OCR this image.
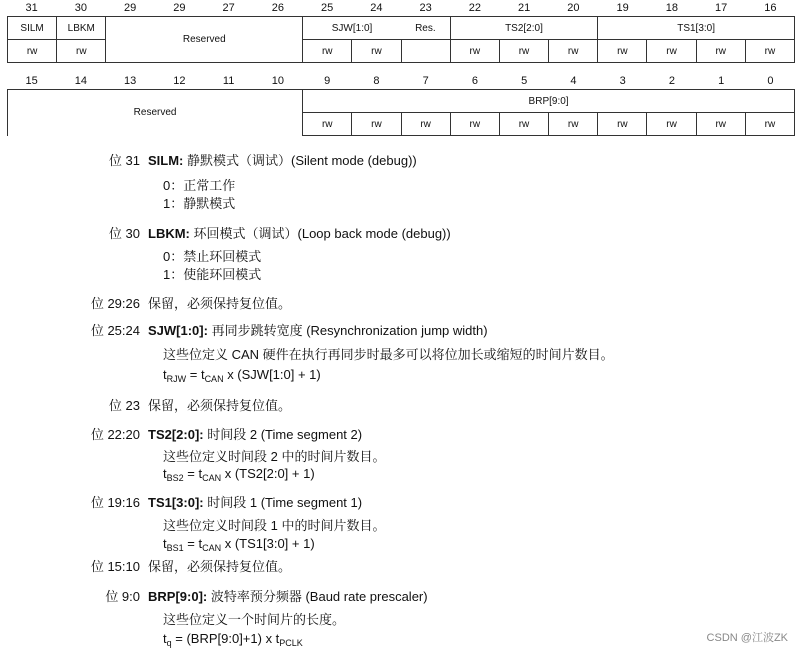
31	30	29	29	27	26	25	24	23	22	21	20	19	18	17	16
SILM	LBKM	Reserved	SJW[1:0]		Res.	TS2[2:0]			TS1[3:0]			
rw	rw		rw	rw		rw	rw	rw	rw	rw	rw	rw
15	14	13	12	11	10	9	8	7	6	5	4	3	2	1	0
Reserved	BRP[9:0]									
	rw	rw	rw	rw	rw	rw	rw	rw	rw	rw
位 31 SILM: 静默模式（调试）(Silent mode (debug))
0：正常工作
1：静默模式
位 30 LBKM: 环回模式（调试）(Loop back mode (debug))
0：禁止环回模式
1：使能环回模式
位 29:26 保留，必须保持复位值。
位 25:24 SJW[1:0]: 再同步跳转宽度 (Resynchronization jump width)
这些位定义 CAN 硬件在执行再同步时最多可以将位加长或缩短的时间片数目。
位 23 保留，必须保持复位值。
位 22:20 TS2[2:0]: 时间段 2 (Time segment 2)
这些位定义时间段 2 中的时间片数目。
位 19:16 TS1[3:0]: 时间段 1 (Time segment 1)
这些位定义时间段 1 中的时间片数目。
位 15:10 保留，必须保持复位值。
位 9:0 BRP[9:0]: 波特率预分频器 (Baud rate prescaler)
这些位定义一个时间片的长度。
$t_{RJW} = t_{CAN}$ x (SJW[1:0] + 1)
$t_{BS2} = t_{CAN}$ x (TS2[2:0] + 1)
$t_{BS1} = t_{CAN}$ x (TS1[3:0] + 1)
$t_q$ = (BRP[9:0]+1) x $t_{PCLK}$	CSDN @江波ZK
